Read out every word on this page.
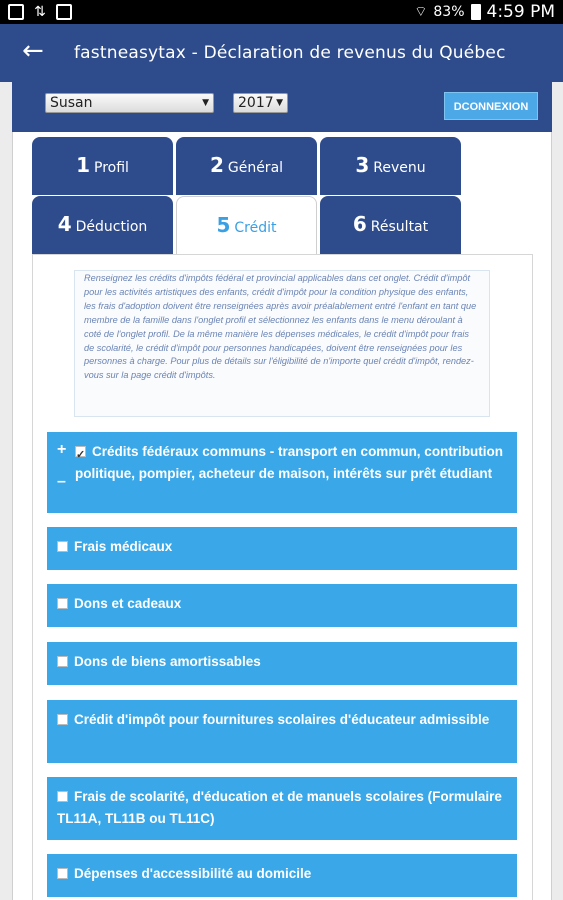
⇅	⌔ 83% 4:59 PM
← fastneasytax - Déclaration de revenus du Québec
Susan	▼	2017 ▼	DCONNEXION
1 Profil	2 Général	3 Revenu
4 Déduction	5 Crédit	6 Résultat
Renseignez les crédits d'impôts fédéral et provincial applicables dans cet onglet. Crédit d'impôt pour les activités artistiques des enfants, crédit d'impôt pour la condition physique des enfants, les frais d'adoption doivent être renseignées après avoir préalablement entré l'enfant en tant que membre de la famille dans l'onglet profil et sélectionnez les enfants dans le menu déroulant à coté de l'onglet profil. De la même manière les dépenses médicales, le crédit d'impôt pour frais de scolarité, le crédit d'impôt pour personnes handicapées, doivent être renseignées pour les personnes à charge. Pour plus de détails sur l'éligibilité de n'importe quel crédit d'impôt, rendez-vous sur la page crédit d'impôts.
+
–
✓Crédits fédéraux communs - transport en commun, contribution politique, pompier, acheteur de maison, intérêts sur prêt étudiant
Frais médicaux
Dons et cadeaux
Dons de biens amortissables
Crédit d'impôt pour fournitures scolaires d'éducateur admissible
Frais de scolarité, d'éducation et de manuels scolaires (Formulaire TL11A, TL11B ou TL11C)
Dépenses d'accessibilité au domicile
